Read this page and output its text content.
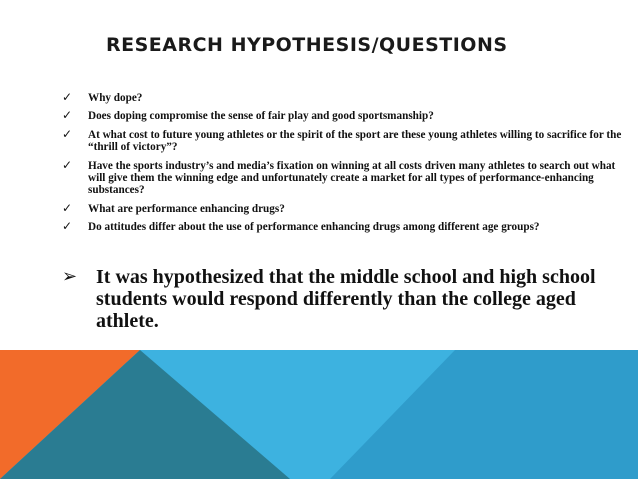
RESEARCH HYPOTHESIS/QUESTIONS
✓ Why dope?
✓ Does doping compromise the sense of fair play and good sportsmanship?
✓ At what cost to future young athletes or the spirit of the sport are these young athletes willing to sacrifice for the “thrill of victory”?
✓ Have the sports industry’s and media’s fixation on winning at all costs driven many athletes to search out what will give them the winning edge and unfortunately create a market for all types of performance-enhancing substances?
✓ What are performance enhancing drugs?
✓ Do attitudes differ about the use of performance enhancing drugs among different age groups?
➢ It was hypothesized that the middle school and high school students would respond differently than the college aged athlete.
